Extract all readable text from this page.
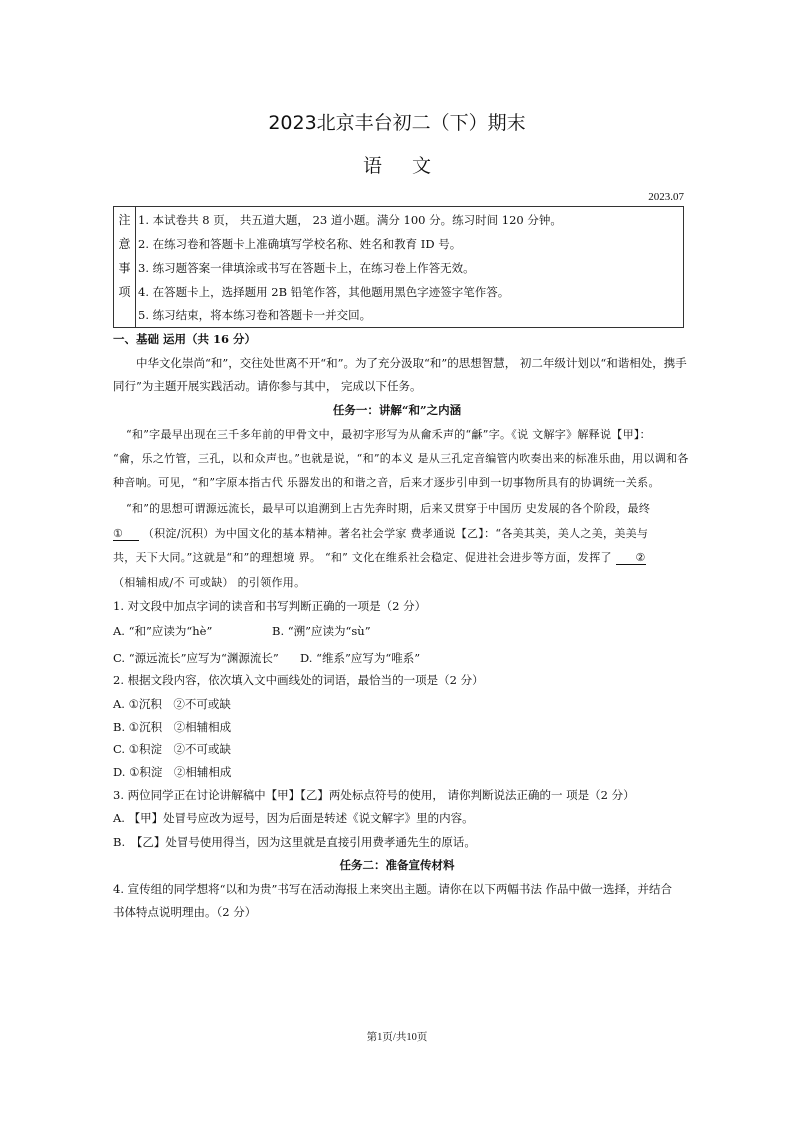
2023北京丰台初二（下）期末
语文
2023.07
注
意
事
项
1. 本试卷共 8 页， 共五道大题， 23 道小题。满分 100 分。练习时间 120 分钟。
2. 在练习卷和答题卡上准确填写学校名称、姓名和教育 ID 号。
3. 练习题答案一律填涂或书写在答题卡上，在练习卷上作答无效。
4. 在答题卡上，选择题用 2B 铅笔作答，其他题用黑色字迹签字笔作答。
5. 练习结束，将本练习卷和答题卡一并交回。
一、基础 运用（共 16 分）
中华文化崇尚“和”，交往处世离不开“和”。为了充分汲取“和”的思想智慧， 初二年级计划以“和谐相处，携手
同行”为主题开展实践活动。请你参与其中， 完成以下任务。
任务一：讲解“和”之内涵
“和”字最早出现在三千多年前的甲骨文中，最初字形写为从龠禾声的“龢”字。《说 文解字》解释说【甲】：
“龠，乐之竹管，三孔，以和众声也。”也就是说，“和”的本义 是从三孔定音编管内吹奏出来的标准乐曲，用以调和各
种音响。可见，“和”字原本指古代 乐器发出的和谐之音，后来才逐步引申到一切事物所具有的协调统一关系。
“和”的思想可谓源远流长，最早可以追溯到上古先奔时期，后来又贯穿于中国历 史发展的各个阶段，最终
① （积淀/沉积）为中国文化的基本精神。著名社会学家 费孝通说【乙】：“各美其美，美人之美，美美与
共，天下大同。”这就是“和”的理想境 界。 “和” 文化在维系社会稳定、促进社会进步等方面，发挥了 ②
（相辅相成/不 可或缺） 的引领作用。
1. 对文段中加点字词的读音和书写判断正确的一项是（2 分）
A. “和”应读为“hè”	B. “溯”应读为“sù”
C. “源远流长”应写为“渊源流长” D. “维系”应写为“唯系”
2. 根据文段内容，依次填入文中画线处的词语，最恰当的一项是（2 分）
A. ①沉积　②不可或缺
B. ①沉积　②相辅相成
C. ①积淀　②不可或缺
D. ①积淀　②相辅相成
3. 两位同学正在讨论讲解稿中【甲】【乙】两处标点符号的使用， 请你判断说法正确的一 项是（2 分）
A. 【甲】处冒号应改为逗号，因为后面是转述《说文解字》里的内容。
B.　【乙】处冒号使用得当，因为这里就是直接引用费孝通先生的原话。
任务二：准备宣传材料
4. 宣传组的同学想将“以和为贵”书写在活动海报上来突出主题。请你在以下两幅书法 作品中做一选择，并结合
书体特点说明理由。（2 分）
第1页/共10页
